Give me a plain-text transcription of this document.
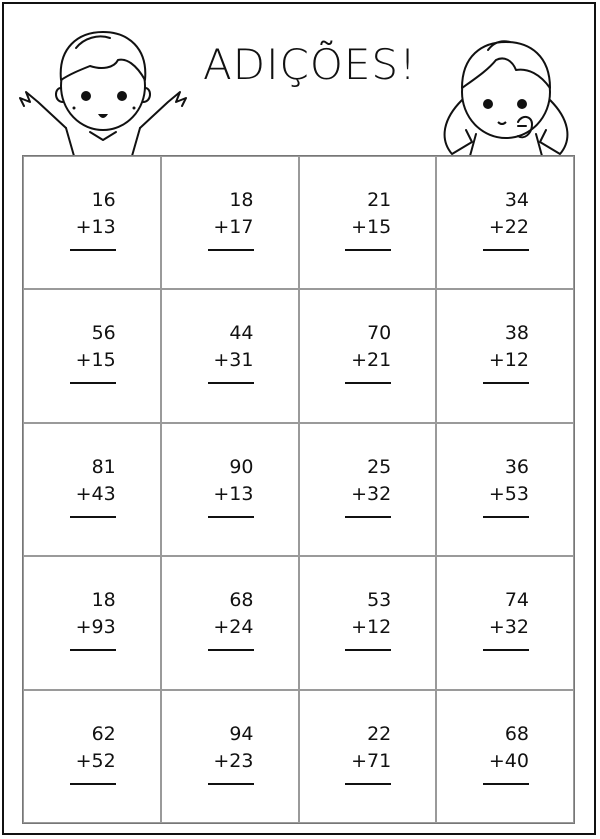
ADIÇÕES!
16
+13
18
+17
21
+15
34
+22
56
+15
44
+31
70
+21
38
+12
81
+43
90
+13
25
+32
36
+53
18
+93
68
+24
53
+12
74
+32
62
+52
94
+23
22
+71
68
+40
